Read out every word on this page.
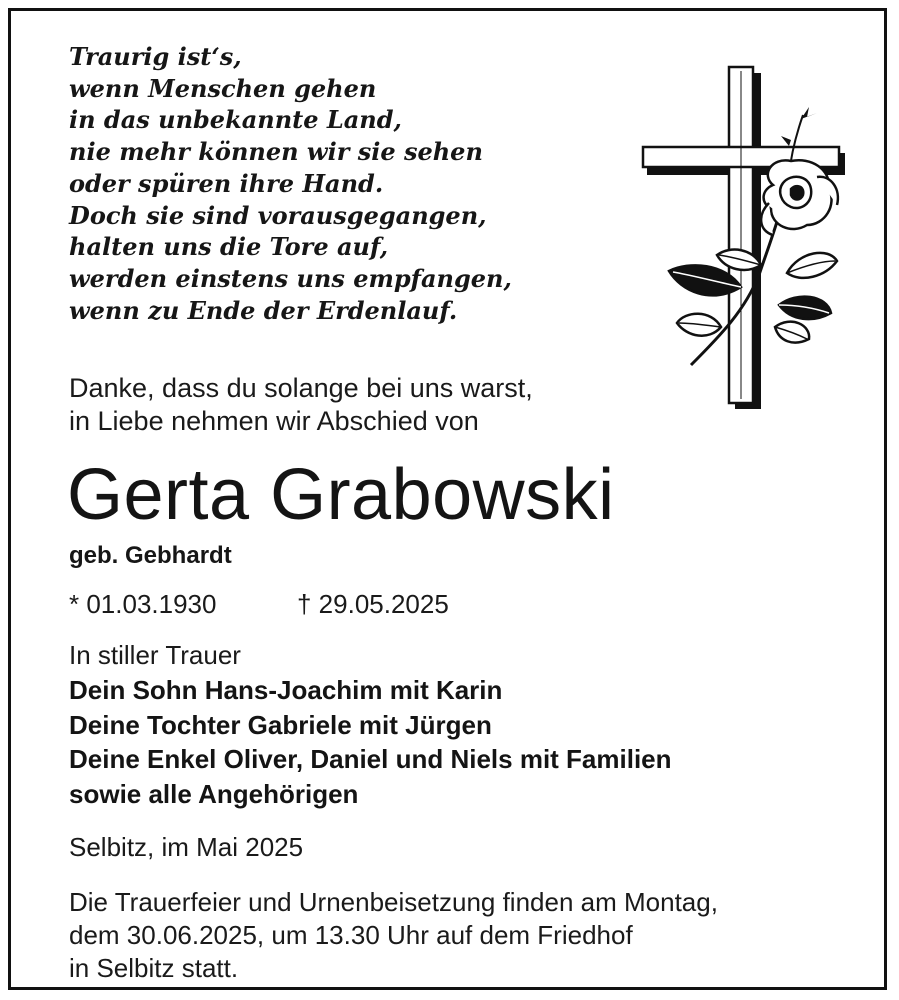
Traurig ist‘s,
wenn Menschen gehen
in das unbekannte Land,
nie mehr können wir sie sehen
oder spüren ihre Hand.
Doch sie sind vorausgegangen,
halten uns die Tore auf,
werden einstens uns empfangen,
wenn zu Ende der Erdenlauf.
Danke, dass du solange bei uns warst,
in Liebe nehmen wir Abschied von
Gerta Grabowski
geb. Gebhardt
* 01.03.1930	† 29.05.2025
In stiller Trauer
Dein Sohn Hans-Joachim mit Karin
Deine Tochter Gabriele mit Jürgen
Deine Enkel Oliver, Daniel und Niels mit Familien
sowie alle Angehörigen
Selbitz, im Mai 2025
Die Trauerfeier und Urnenbeisetzung finden am Montag,
dem 30.06.2025, um 13.30 Uhr auf dem Friedhof
in Selbitz statt.
